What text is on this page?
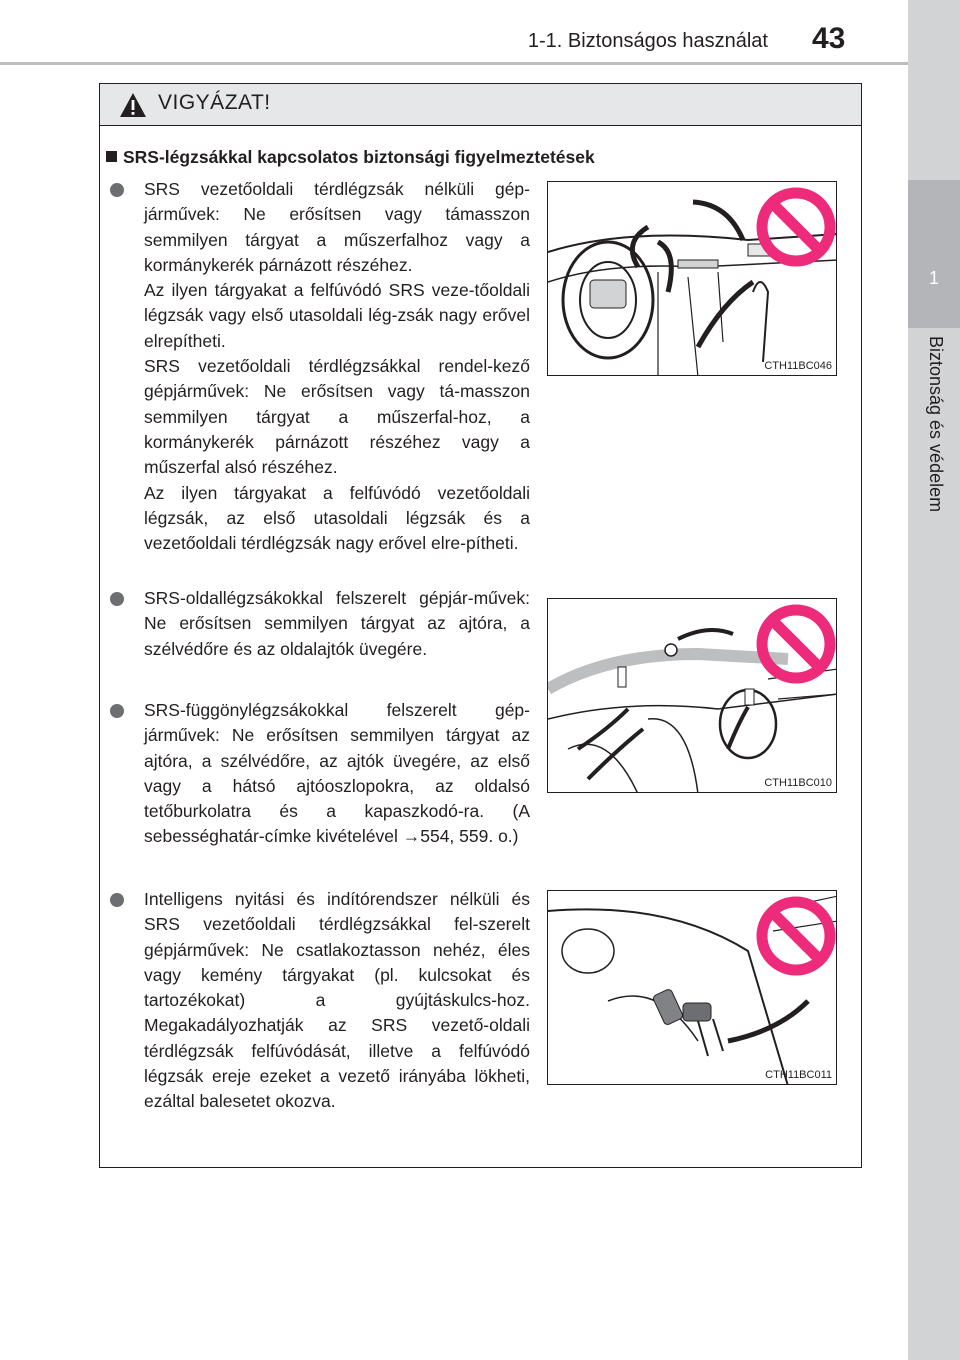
1-1. Biztonságos használat 43
1
Biztonság és védelem
VIGYÁZAT!
SRS-légzsákkal kapcsolatos biztonsági figyelmeztetések

SRS vezetőoldali térdlégzsák nélküli gép-járművek: Ne erősítsen vagy támasszon semmilyen tárgyat a műszerfalhoz vagy a kormánykerék párnázott részéhez.

Az ilyen tárgyakat a felfúvódó SRS veze-tőoldali légzsák vagy első utasoldali lég-zsák nagy erővel elrepítheti.

SRS vezetőoldali térdlégzsákkal rendel-kező gépjárművek: Ne erősítsen vagy tá-masszon semmilyen tárgyat a műszerfal-hoz, a kormánykerék párnázott részéhez vagy a műszerfal alsó részéhez.

Az ilyen tárgyakat a felfúvódó vezetőoldali légzsák, az első utasoldali légzsák és a vezetőoldali térdlégzsák nagy erővel elre-pítheti.

SRS-oldallégzsákokkal felszerelt gépjár-művek: Ne erősítsen semmilyen tárgyat az ajtóra, a szélvédőre és az oldalajtók üvegére.

SRS-függönylégzsákokkal felszerelt gép-járművek: Ne erősítsen semmilyen tárgyat az ajtóra, a szélvédőre, az ajtók üvegére, az első vagy a hátsó ajtóoszlopokra, az oldalsó tetőburkolatra és a kapaszkodó-ra. (A sebességhatár-címke kivételével →554, 559. o.)

Intelligens nyitási és indítórendszer nélküli és SRS vezetőoldali térdlégzsákkal fel-szerelt gépjárművek: Ne csatlakoztasson nehéz, éles vagy kemény tárgyakat (pl. kulcsokat és tartozékokat) a gyújtáskulcs-hoz. Megakadályozhatják az SRS vezető-oldali térdlégzsák felfúvódását, illetve a felfúvódó légzsák ereje ezeket a vezető irányába lökheti, ezáltal balesetet okozva.

CTH11BC046
CTH11BC010
CTH11BC011
